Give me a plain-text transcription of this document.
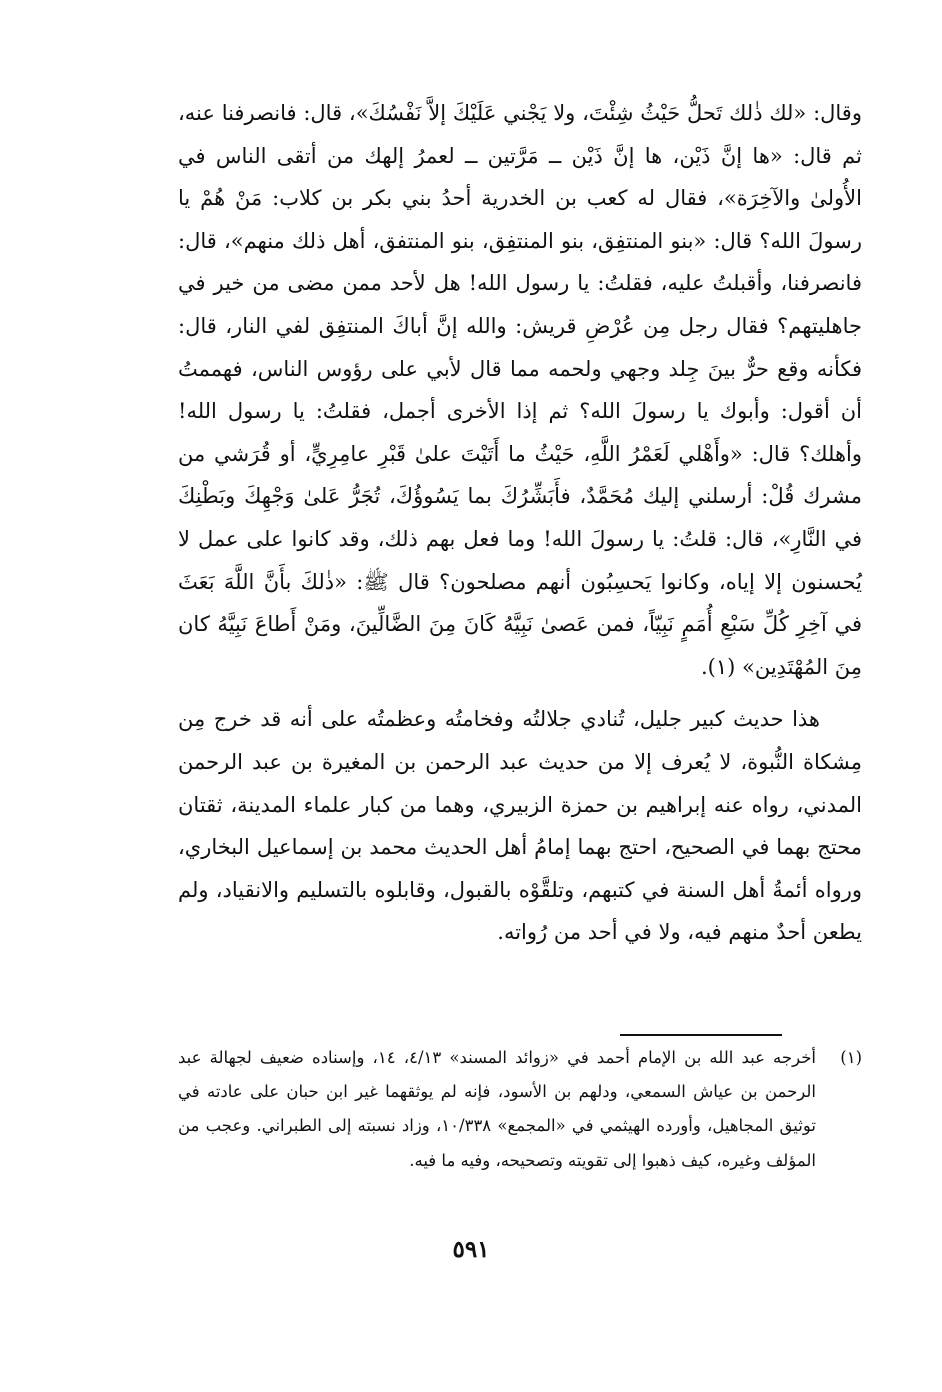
وقال: «لك ذٰلك تَحلُّ حَيْثُ شِئْتَ، ولا يَجْني عَلَيْكَ إلاَّ نَفْسُكَ»، قال: فانصرفنا عنه، ثم قال: «ها إنَّ ذَيْن، ها إنَّ ذَيْن ــ مَرَّتين ــ لعمرُ إلهك من أتقى الناس في الأُولىٰ والآخِرَة»، فقال له كعب بن الخدرية أحدُ بني بكر بن كلاب: مَنْ هُمْ يا رسولَ الله؟ قال: «بنو المنتفِق، بنو المنتفِق، بنو المنتفق، أهل ذلك منهم»، قال: فانصرفنا، وأقبلتُ عليه، فقلتُ: يا رسول الله! هل لأحد ممن مضى من خير في جاهليتهم؟ فقال رجل مِن عُرْضِ قريش: والله إنَّ أباكَ المنتفِق لفي النار، قال: فكأنه وقع حرٌّ بينَ جِلد وجهي ولحمه مما قال لأبي على رؤوس الناس، فهممتُ أن أقول: وأبوك يا رسولَ الله؟ ثم إذا الأخرى أجمل، فقلتُ: يا رسول الله! وأهلك؟ قال: «وأَهْلي لَعَمْرُ اللَّهِ، حَيْثُ ما أَتَيْتَ علىٰ قَبْرِ عامِرِيٍّ، أو قُرَشي من مشرك قُلْ: أرسلني إليك مُحَمَّدٌ، فأَبَشِّرُكَ بما يَسُوؤُكَ، تُجَرُّ عَلىٰ وَجْهِكَ وبَطْنِكَ في النَّارِ»، قال: قلتُ: يا رسولَ الله! وما فعل بهم ذلك، وقد كانوا على عمل لا يُحسنون إلا إياه، وكانوا يَحسِبُون أنهم مصلحون؟ قال ﷺ: «ذٰلكَ بأَنَّ اللَّهَ بَعَثَ في آخِرِ كُلِّ سَبْعِ أُمَمٍ نَبِيّاً، فمن عَصىٰ نَبِيَّهُ كَانَ مِنَ الضَّالِّينَ، ومَنْ أَطاعَ نَبِيَّهُ كان مِنَ المُهْتَدِين» (١).

هذا حديث كبير جليل، تُنادي جلالتُه وفخامتُه وعظمتُه على أنه قد خرج مِن مِشكاة النُّبوة، لا يُعرف إلا من حديث عبد الرحمن بن المغيرة بن عبد الرحمن المدني، رواه عنه إبراهيم بن حمزة الزبيري، وهما من كبار علماء المدينة، ثقتان محتج بهما في الصحيح، احتج بهما إمامُ أهل الحديث محمد بن إسماعيل البخاري، ورواه أئمةُ أهل السنة في كتبهم، وتلقَّوْه بالقبول، وقابلوه بالتسليم والانقياد، ولم يطعن أحدٌ منهم فيه، ولا في أحد من رُواته.

(١)
أخرجه عبد الله بن الإمام أحمد في «زوائد المسند» ٤/١٣، ١٤، وإسناده ضعيف لجهالة عبد الرحمن بن عياش السمعي، ودلهم بن الأسود، فإنه لم يوثقهما غير ابن حبان على عادته في توثيق المجاهيل، وأورده الهيثمي في «المجمع» ١٠/٣٣٨، وزاد نسبته إلى الطبراني. وعجب من المؤلف وغيره، كيف ذهبوا إلى تقويته وتصحيحه، وفيه ما فيه.

٥٩١
